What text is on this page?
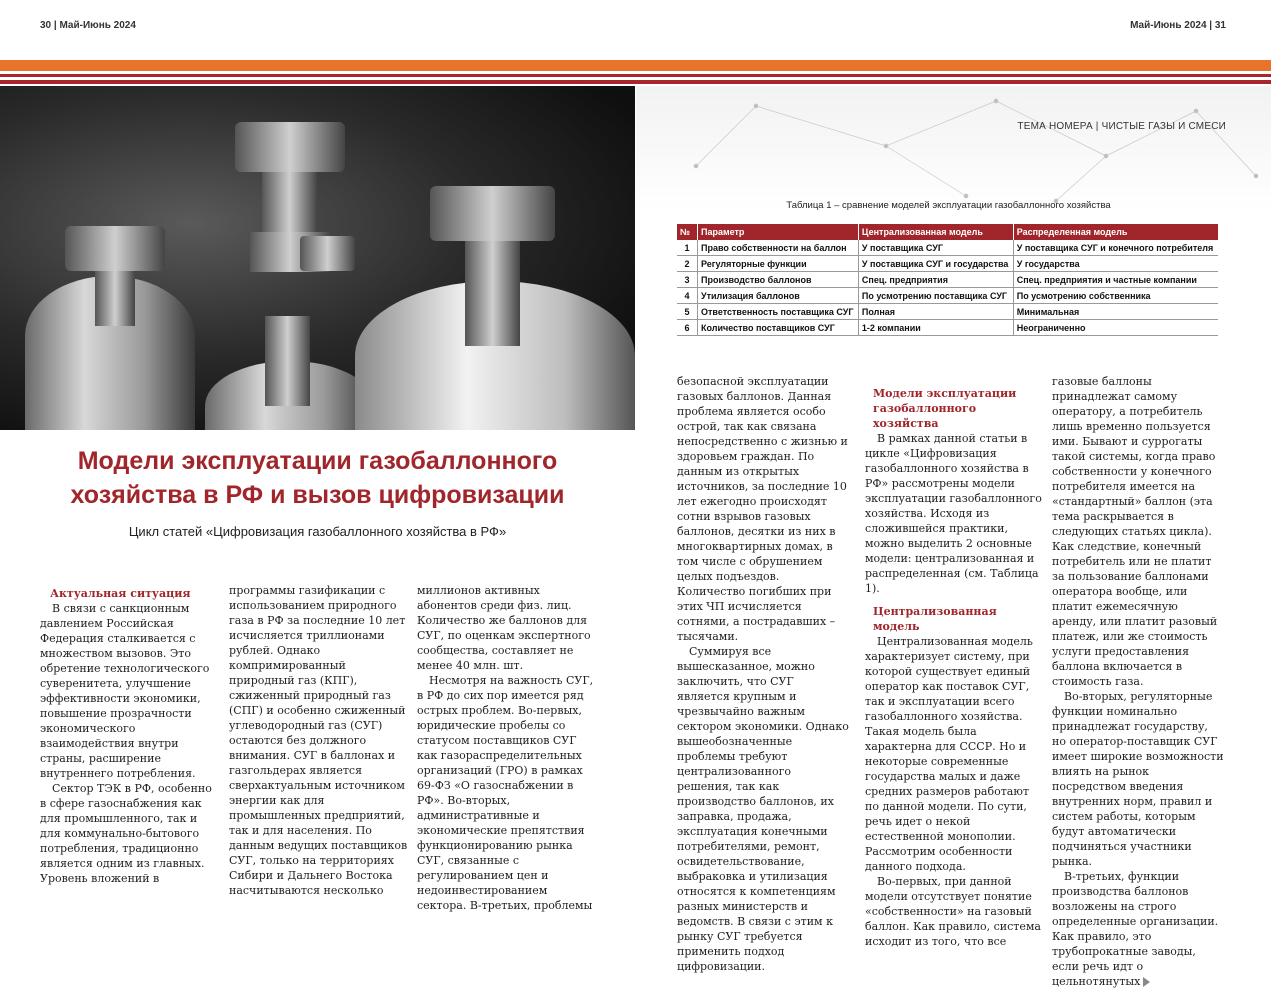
30 | Май-Июнь 2024	Май-Июнь 2024 | 31
ТЕМА НОМЕРА | ЧИСТЫЕ ГАЗЫ И СМЕСИ
Модели эксплуатации газобаллонного хозяйства в РФ и вызов цифровизации
Цикл статей «Цифровизация газобаллонного хозяйства в РФ»
Таблица 1 – сравнение моделей эксплуатации газобаллонного хозяйства
№	Параметр	Централизованная модель	Распределенная модель
1	Право собственности на баллон	У поставщика СУГ	У поставщика СУГ и конечного потребителя
2	Регуляторные функции	У поставщика СУГ и государства	У государства
3	Производство баллонов	Спец. предприятия	Спец. предприятия и частные компании
4	Утилизация баллонов	По усмотрению поставщика СУГ	По усмотрению собственника
5	Ответственность поставщика СУГ	Полная	Минимальная
6	Количество поставщиков СУГ	1-2 компании	Неограниченно

Актуальная ситуация

В связи с санкционным давлением Российская Федерация сталкивается с множеством вызовов. Это обретение технологического суверенитета, улучшение эффективности экономики, повышение прозрачности экономического взаимодействия внутри страны, расширение внутреннего потребления.

Сектор ТЭК в РФ, особенно в сфере газоснабжения как для промышленного, так и для коммунально-бытового потребления, традиционно является одним из главных. Уровень вложений в

программы газификации с использованием природного газа в РФ за последние 10 лет исчисляется триллионами рублей. Однако компримированный природный газ (КПГ), сжиженный природный газ (СПГ) и особенно сжиженный углеводородный газ (СУГ) остаются без должного внимания. СУГ в баллонах и газгольдерах является сверхактуальным источником энергии как для промышленных предприятий, так и для населения. По данным ведущих поставщиков СУГ, только на территориях Сибири и Дальнего Востока насчитываются несколько

миллионов активных абонентов среди физ. лиц. Количество же баллонов для СУГ, по оценкам экспертного сообщества, составляет не менее 40 млн. шт.

Несмотря на важность СУГ, в РФ до сих пор имеется ряд острых проблем. Во-первых, юридические пробелы со статусом поставщиков СУГ как газораспределительных организаций (ГРО) в рамках 69-ФЗ «О газоснабжении в РФ». Во-вторых, административные и экономические препятствия функционированию рынка СУГ, связанные с регулированием цен и недоинвестированием сектора. В-третьих, проблемы

безопасной эксплуатации газовых баллонов. Данная проблема является особо острой, так как связана непосредственно с жизнью и здоровьем граждан. По данным из открытых источников, за последние 10 лет ежегодно происходят сотни взрывов газовых баллонов, десятки из них в многоквартирных домах, в том числе с обрушением целых подъездов. Количество погибших при этих ЧП исчисляется сотнями, а пострадавших – тысячами.

Суммируя все вышесказанное, можно заключить, что СУГ является крупным и чрезвычайно важным сектором экономики. Однако вышеобозначенные проблемы требуют централизованного решения, так как производство баллонов, их заправка, продажа, эксплуатация конечными потребителями, ремонт, освидетельствование, выбраковка и утилизация относятся к компетенциям разных министерств и ведомств. В связи с этим к рынку СУГ требуется применить подход цифровизации.

Модели эксплуатации газобаллонного хозяйства

В рамках данной статьи в цикле «Цифровизация газобаллонного хозяйства в РФ» рассмотрены модели эксплуатации газобаллонного хозяйства. Исходя из сложившейся практики, можно выделить 2 основные модели: централизованная и распределенная (см. Таблица 1).

Централизованная модель

Централизованная модель характеризует систему, при которой существует единый оператор как поставок СУГ, так и эксплуатации всего газобаллонного хозяйства. Такая модель была характерна для СССР. Но и некоторые современные государства малых и даже средних размеров работают по данной модели. По сути, речь идет о некой естественной монополии. Рассмотрим особенности данного подхода.

Во-первых, при данной модели отсутствует понятие «собственности» на газовый баллон. Как правило, система исходит из того, что все

газовые баллоны принадлежат самому оператору, а потребитель лишь временно пользуется ими. Бывают и суррогаты такой системы, когда право собственности у конечного потребителя имеется на «стандартный» баллон (эта тема раскрывается в следующих статьях цикла). Как следствие, конечный потребитель или не платит за пользование баллонами оператора вообще, или платит ежемесячную аренду, или платит разовый платеж, или же стоимость услуги предоставления баллона включается в стоимость газа.

Во-вторых, регуляторные функции номинально принадлежат государству, но оператор-поставщик СУГ имеет широкие возможности влиять на рынок посредством введения внутренних норм, правил и систем работы, которым будут автоматически подчиняться участники рынка.

В-третьих, функции производства баллонов возложены на строго определенные организации. Как правило, это трубопрокатные заводы, если речь идт о цельнотянутых
